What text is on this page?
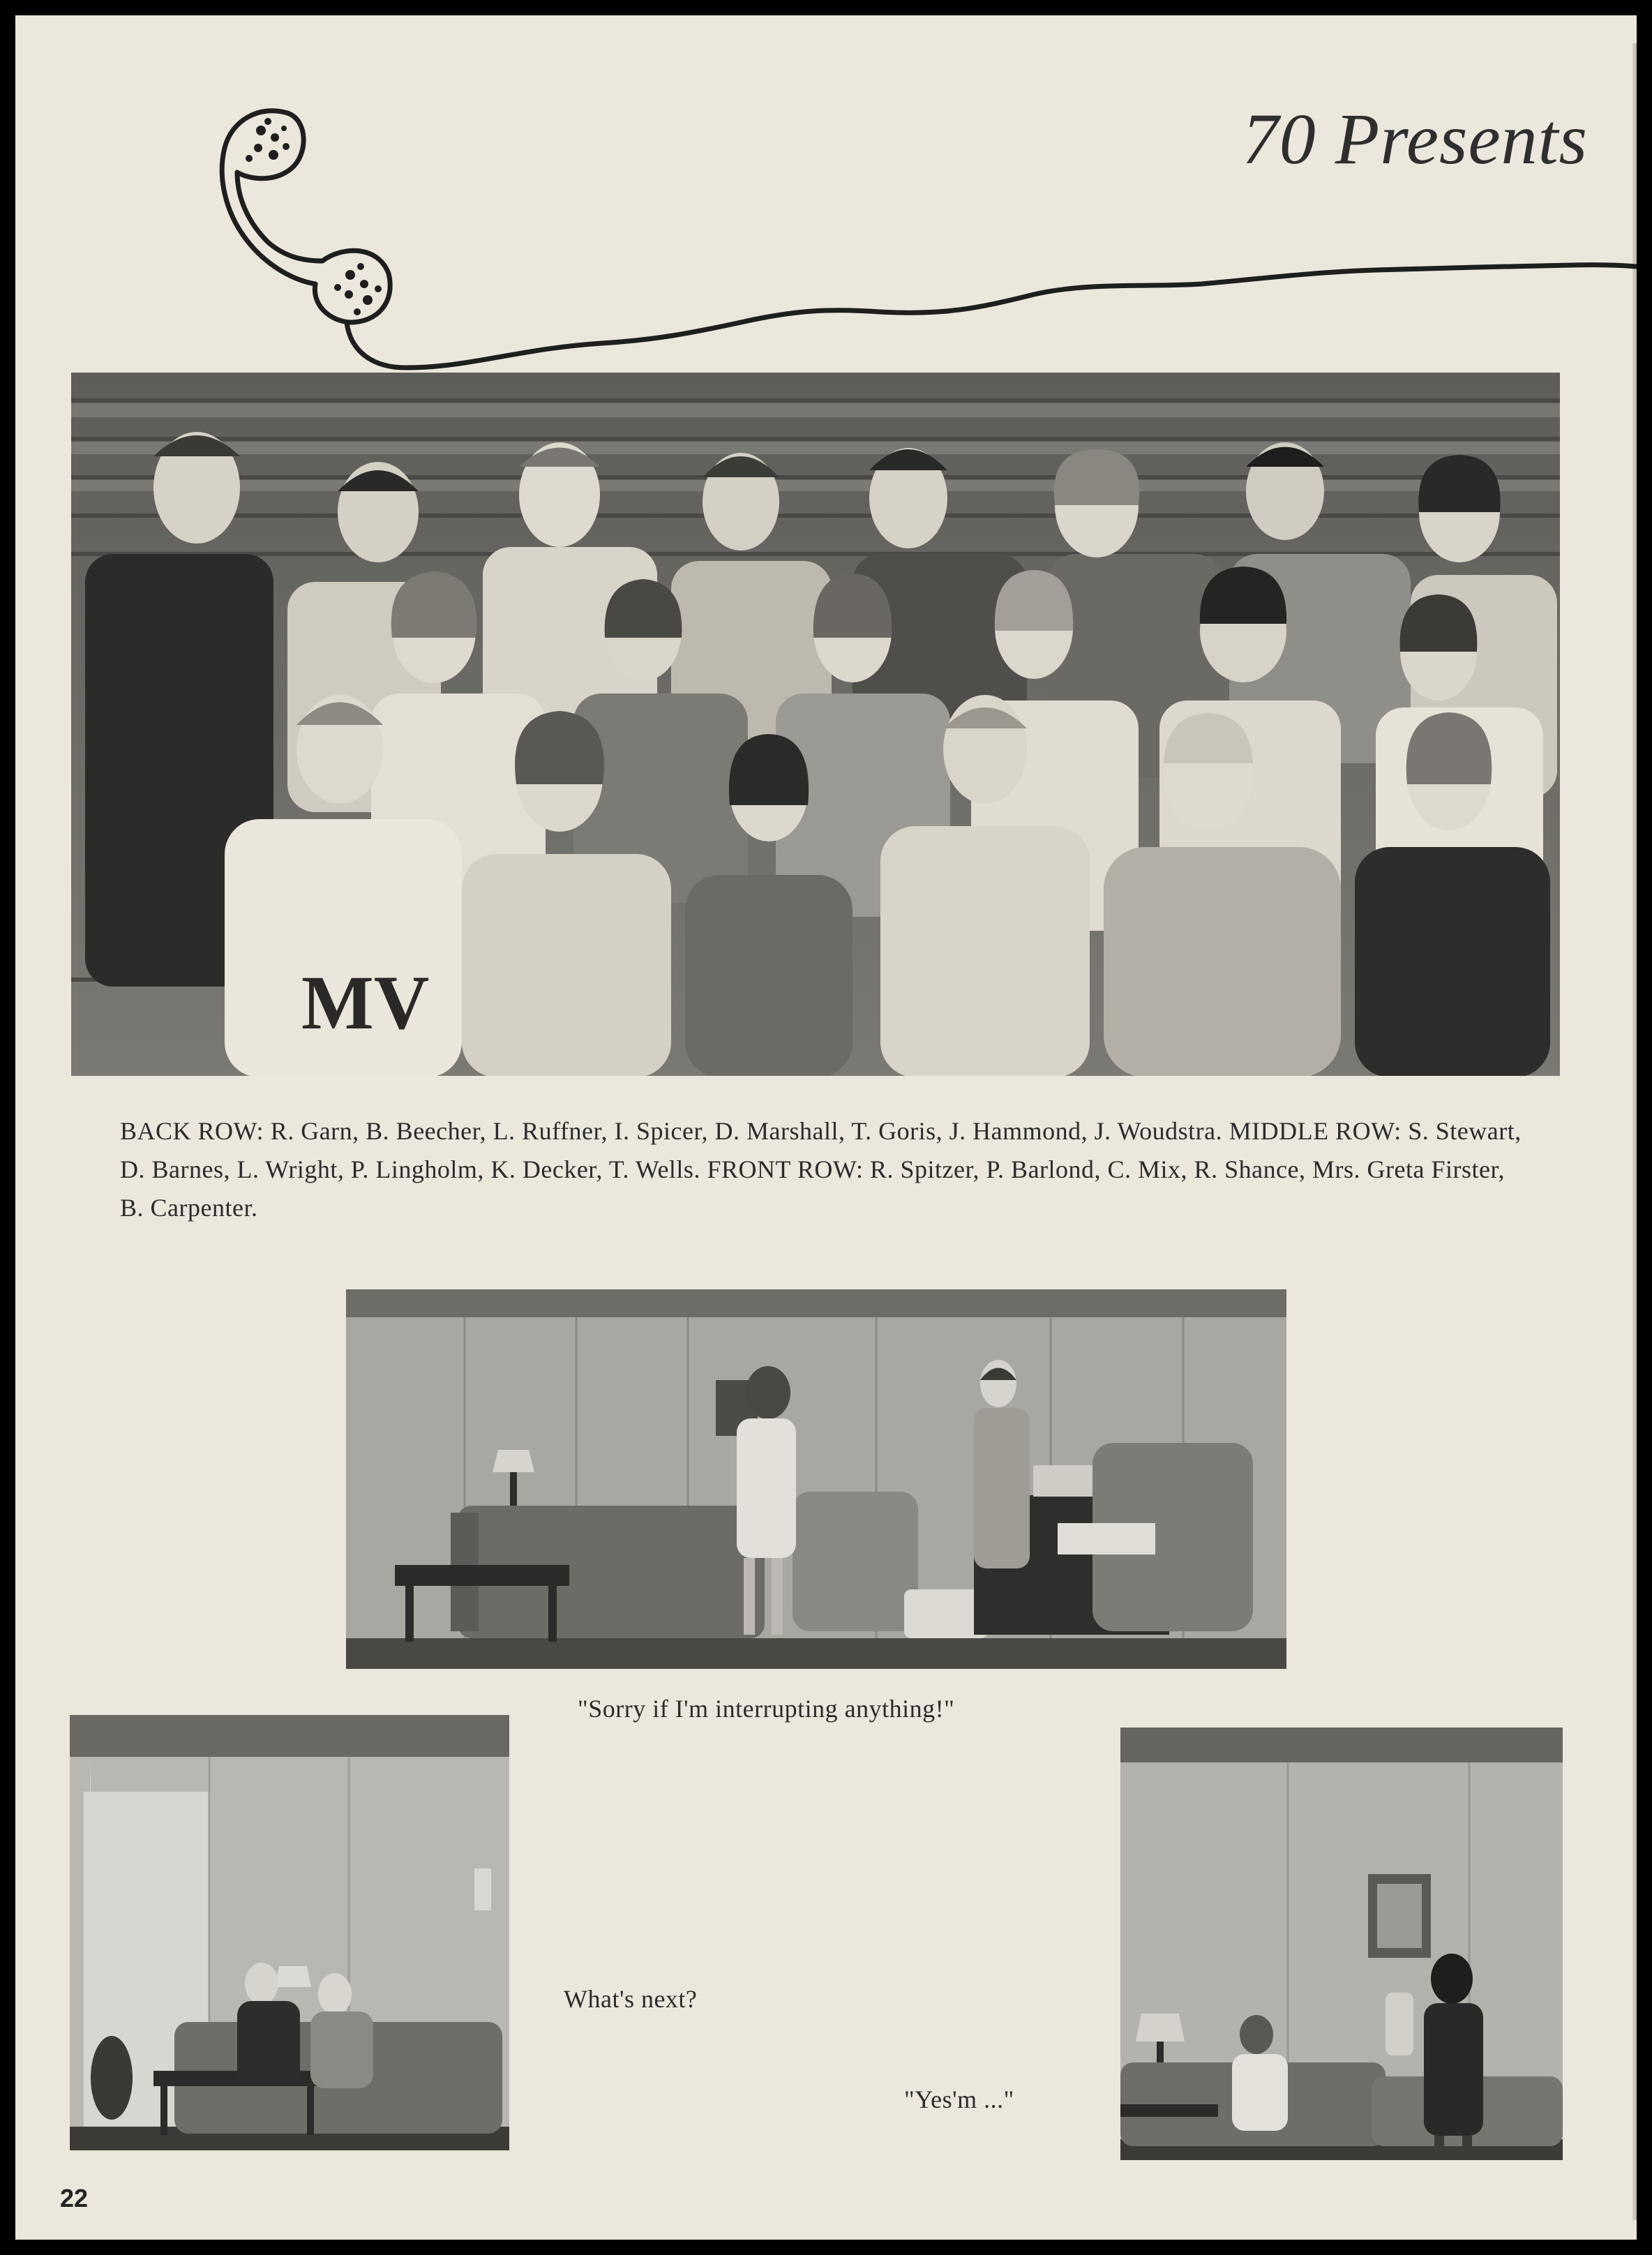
70 Presents
MV
BACK ROW: R. Garn, B. Beecher, L. Ruffner, I. Spicer, D. Marshall, T. Goris, J. Hammond, J. Woudstra. MIDDLE ROW: S. Stewart, D. Barnes, L. Wright, P. Lingholm, K. Decker, T. Wells. FRONT ROW: R. Spitzer, P. Barlond, C. Mix, R. Shance, Mrs. Greta Firster, B. Carpenter.
"Sorry if I'm interrupting anything!"
What's next?
"Yes'm ..."
22
